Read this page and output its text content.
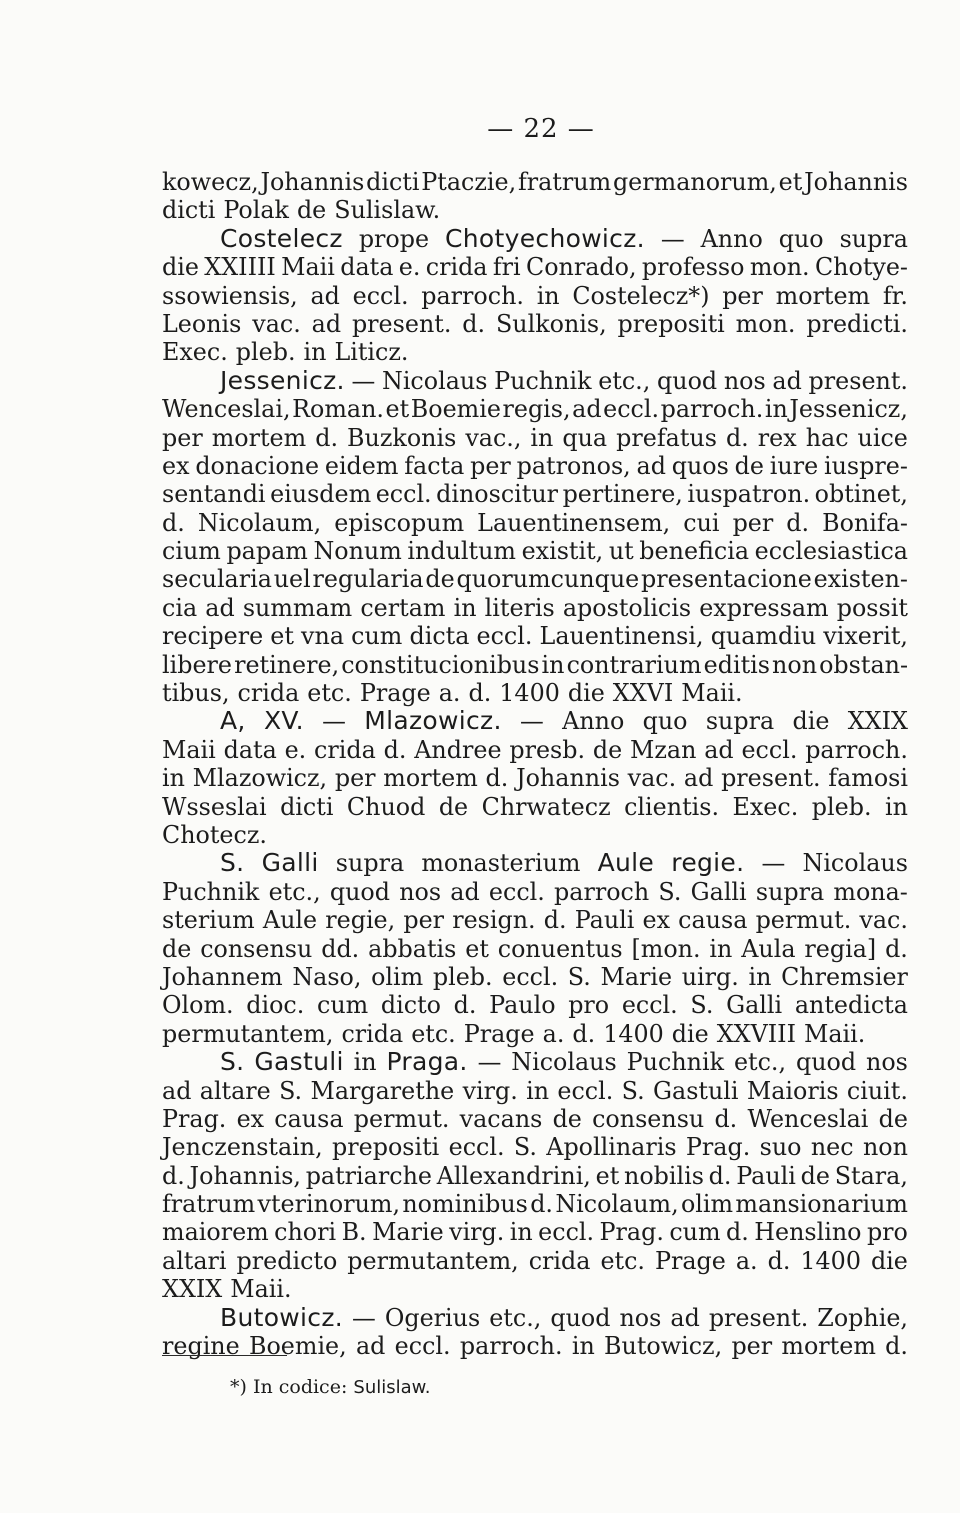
— 22 —
kowecz, Johannis dicti Ptaczie, fratrum germanorum, et Johannis
dicti Polak de Sulislaw.
Costelecz prope Chotyechowicz. — Anno quo supra
die XXIIII Maii data e. crida fri Conrado, professo mon. Chotye-
ssowiensis, ad eccl. parroch. in Costelecz*) per mortem fr.
Leonis vac. ad present. d. Sulkonis, prepositi mon. predicti.
Exec. pleb. in Liticz.
Jessenicz. — Nicolaus Puchnik etc., quod nos ad present.
Wenceslai, Roman. et Boemie regis, ad eccl. parroch. in Jessenicz,
per mortem d. Buzkonis vac., in qua prefatus d. rex hac uice
ex donacione eidem facta per patronos, ad quos de iure iuspre-
sentandi eiusdem eccl. dinoscitur pertinere, iuspatron. obtinet,
d. Nicolaum, episcopum Lauentinensem, cui per d. Bonifa-
cium papam Nonum indultum existit, ut beneficia ecclesiastica
secularia uel regularia de quorumcunque presentacione existen-
cia ad summam certam in literis apostolicis expressam possit
recipere et vna cum dicta eccl. Lauentinensi, quamdiu vixerit,
libere retinere, constitucionibus in contrarium editis non obstan-
tibus, crida etc. Prage a. d. 1400 die XXVI Maii.
A, XV. — Mlazowicz. — Anno quo supra die XXIX
Maii data e. crida d. Andree presb. de Mzan ad eccl. parroch.
in Mlazowicz, per mortem d. Johannis vac. ad present. famosi
Wsseslai dicti Chuod de Chrwatecz clientis. Exec. pleb. in
Chotecz.
S. Galli supra monasterium Aule regie. — Nicolaus
Puchnik etc., quod nos ad eccl. parroch S. Galli supra mona-
sterium Aule regie, per resign. d. Pauli ex causa permut. vac.
de consensu dd. abbatis et conuentus [mon. in Aula regia] d.
Johannem Naso, olim pleb. eccl. S. Marie uirg. in Chremsier
Olom. dioc. cum dicto d. Paulo pro eccl. S. Galli antedicta
permutantem, crida etc. Prage a. d. 1400 die XXVIII Maii.
S. Gastuli in Praga. — Nicolaus Puchnik etc., quod nos
ad altare S. Margarethe virg. in eccl. S. Gastuli Maioris ciuit.
Prag. ex causa permut. vacans de consensu d. Wenceslai de
Jenczenstain, prepositi eccl. S. Apollinaris Prag. suo nec non
d. Johannis, patriarche Allexandrini, et nobilis d. Pauli de Stara,
fratrum vterinorum, nominibus d. Nicolaum, olim mansionarium
maiorem chori B. Marie virg. in eccl. Prag. cum d. Henslino pro
altari predicto permutantem, crida etc. Prage a. d. 1400 die
XXIX Maii.
Butowicz. — Ogerius etc., quod nos ad present. Zophie,
regine Boemie, ad eccl. parroch. in Butowicz, per mortem d.
*) In codice: Sulislaw.
